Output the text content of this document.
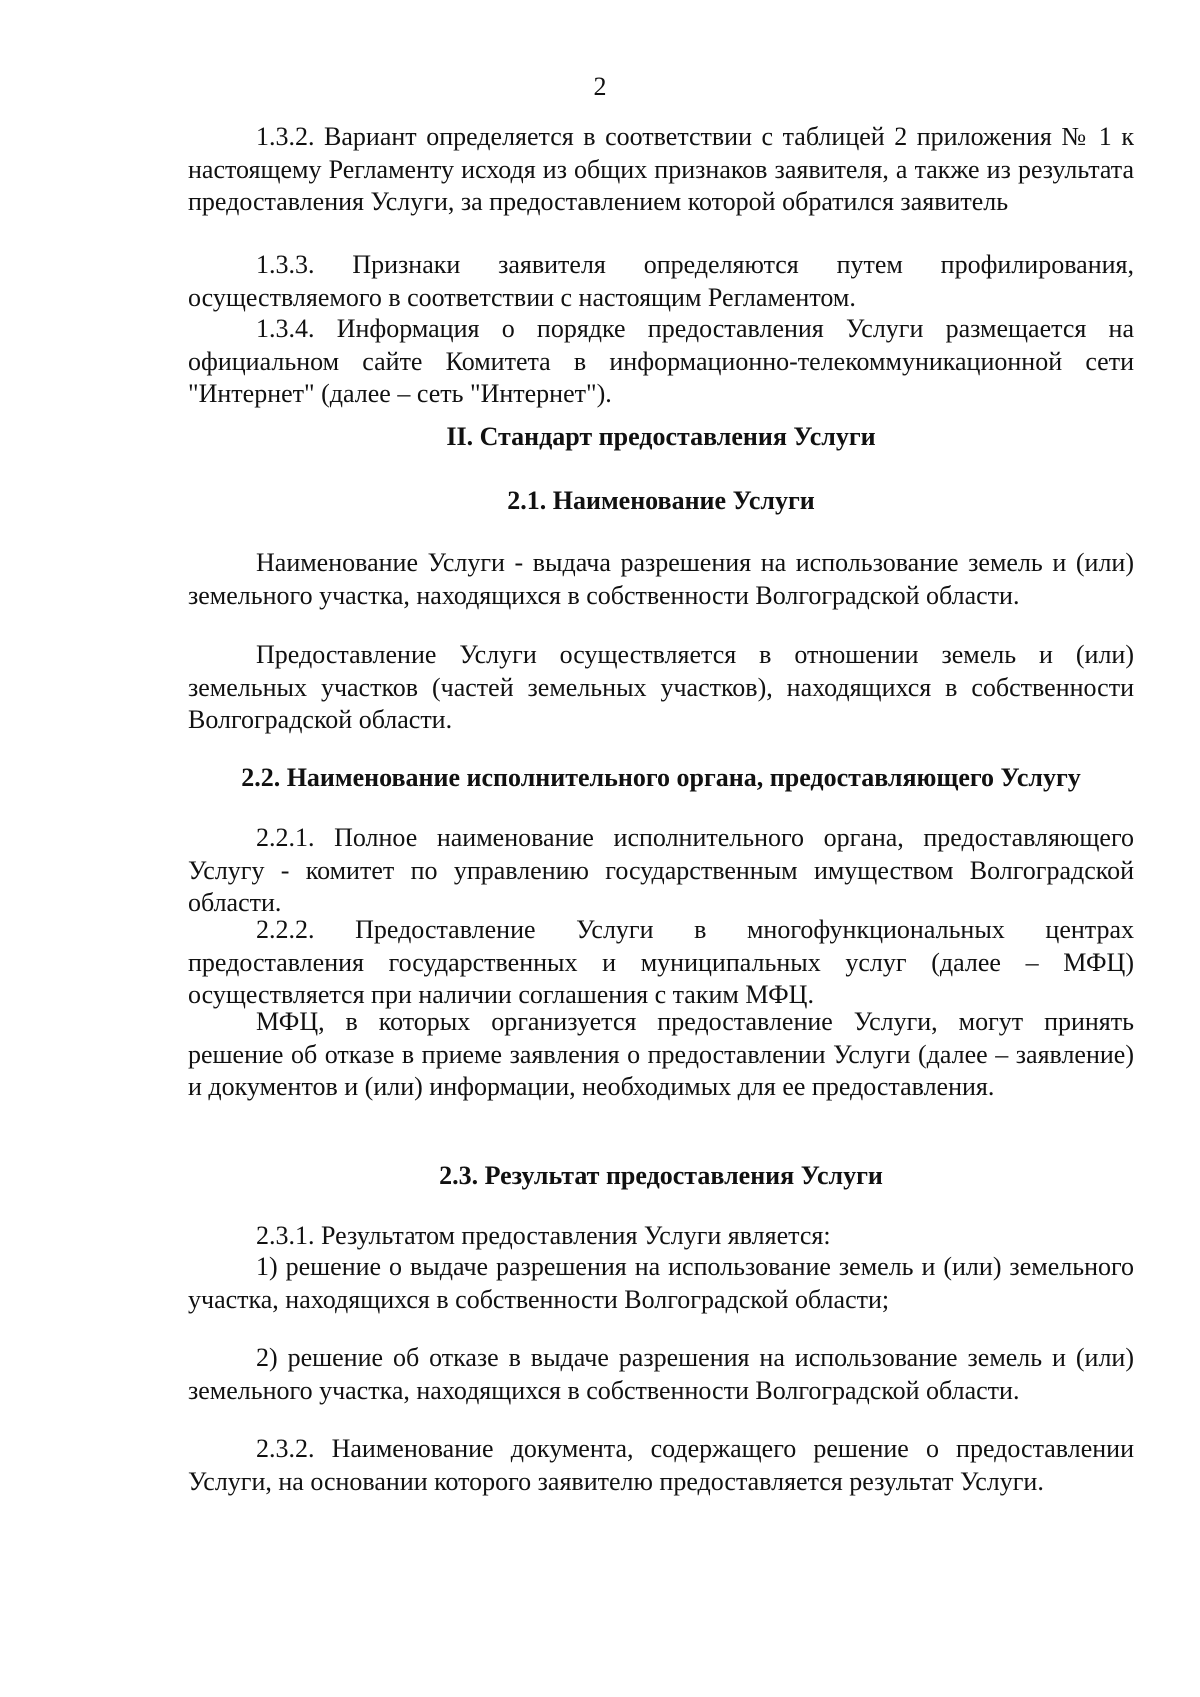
2

1.3.2. Вариант определяется в соответствии с таблицей 2 приложения № 1 к настоящему Регламенту исходя из общих признаков заявителя, а также из результата предоставления Услуги, за предоставлением которой обратился заявитель

1.3.3. Признаки заявителя определяются путем профилирования, осуществляемого в соответствии с настоящим Регламентом.

1.3.4. Информация о порядке предоставления Услуги размещается на официальном сайте Комитета в информационно-телекоммуникационной сети "Интернет" (далее – сеть "Интернет").

II. Стандарт предоставления Услуги
2.1. Наименование Услуги

Наименование Услуги - выдача разрешения на использование земель и (или) земельного участка, находящихся в собственности Волгоградской области.

Предоставление Услуги осуществляется в отношении земель и (или) земельных участков (частей земельных участков), находящихся в собственности Волгоградской области.

2.2. Наименование исполнительного органа, предоставляющего Услугу

2.2.1. Полное наименование исполнительного органа, предоставляющего Услугу - комитет по управлению государственным имуществом Волгоградской области.

2.2.2. Предоставление Услуги в многофункциональных центрах предоставления государственных и муниципальных услуг (далее – МФЦ) осуществляется при наличии соглашения с таким МФЦ.

МФЦ, в которых организуется предоставление Услуги, могут принять решение об отказе в приеме заявления о предоставлении Услуги (далее – заявление) и документов и (или) информации, необходимых для ее предоставления.

2.3. Результат предоставления Услуги

2.3.1. Результатом предоставления Услуги является:

1) решение о выдаче разрешения на использование земель и (или) земельного участка, находящихся в собственности Волгоградской области;

2) решение об отказе в выдаче разрешения на использование земель и (или) земельного участка, находящихся в собственности Волгоградской области.

2.3.2. Наименование документа, содержащего решение о предоставлении Услуги, на основании которого заявителю предоставляется результат Услуги.
